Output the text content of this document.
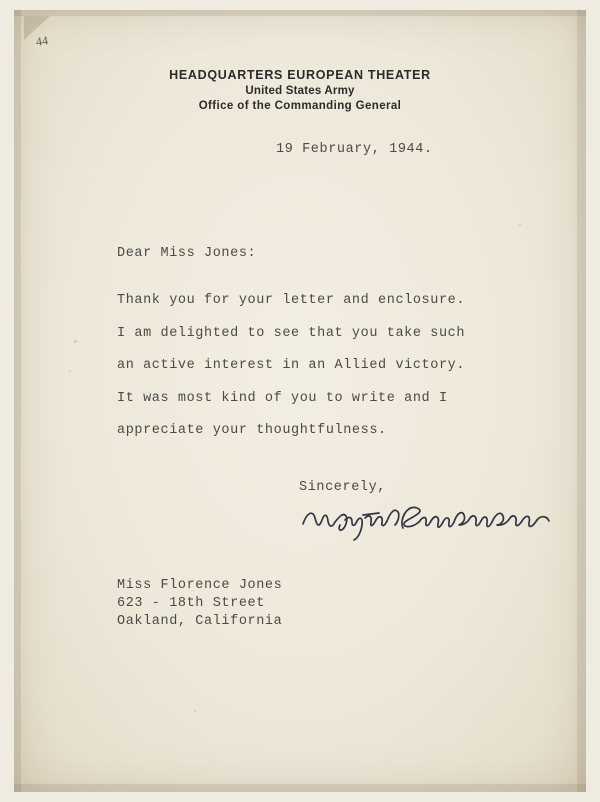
44
HEADQUARTERS EUROPEAN THEATER
United States Army
Office of the Commanding General
19 February, 1944.
Dear Miss Jones:
Thank you for your letter and enclosure.
I am delighted to see that you take such
an active interest in an Allied victory.
It was most kind of you to write and I
appreciate your thoughtfulness.
Sincerely,
Miss Florence Jones
623 - 18th Street
Oakland, California
